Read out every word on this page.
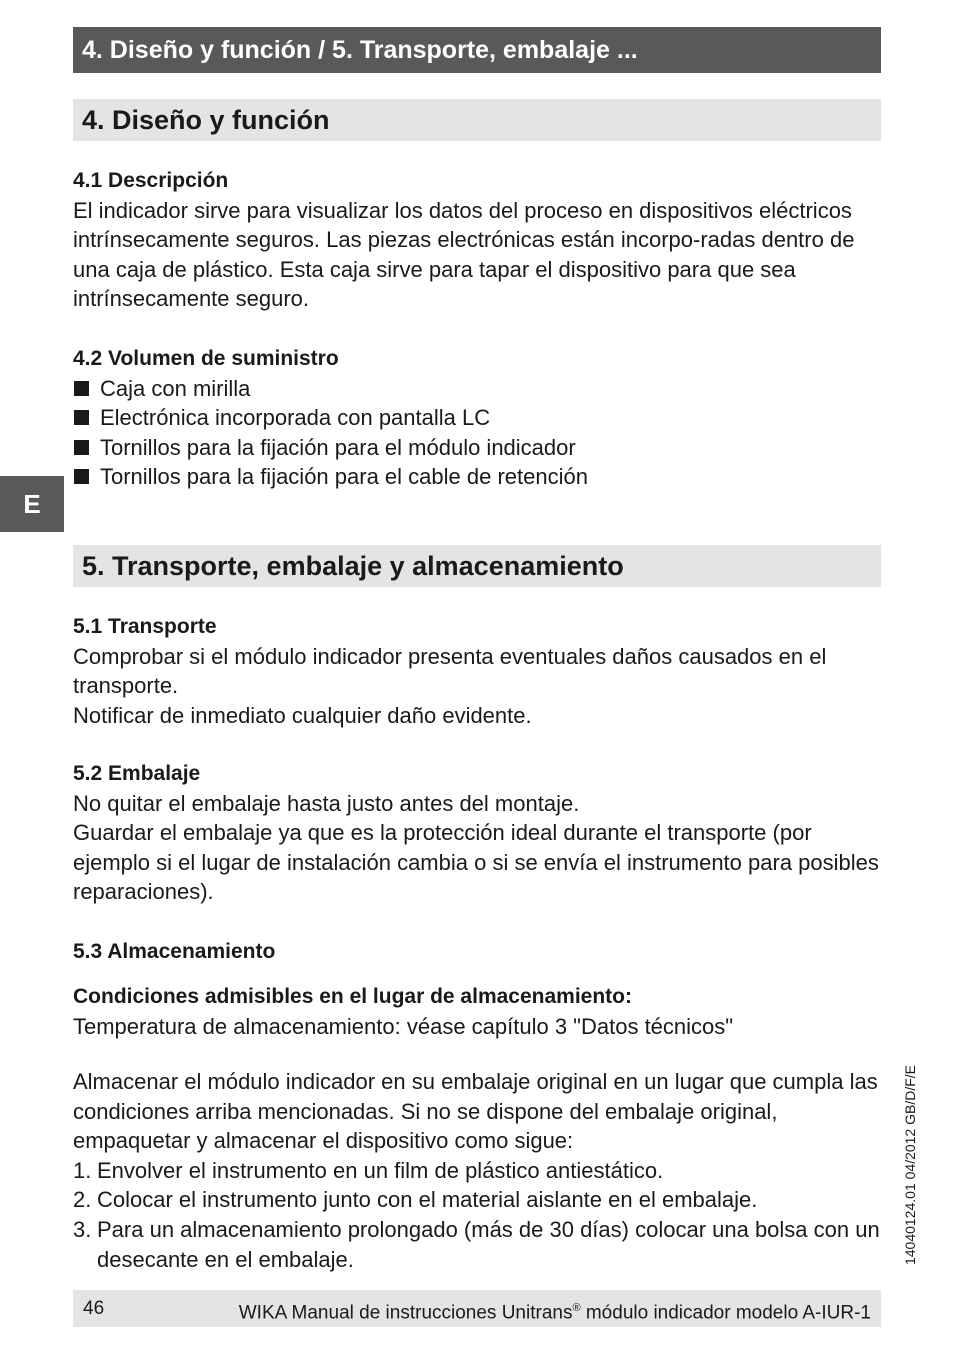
4. Diseño y función / 5. Transporte, embalaje ...
4. Diseño y función

4.1 Descripción

El indicador sirve para visualizar los datos del proceso en dispositivos eléctricos intrínsecamente seguros. Las piezas electrónicas están incorpo-radas dentro de una caja de plástico. Esta caja sirve para tapar el dispositivo para que sea intrínsecamente seguro.

4.2 Volumen de suministro

Caja con mirilla
Electrónica incorporada con pantalla LC
Tornillos para la fijación para el módulo indicador
Tornillos para la fijación para el cable de retención
E
5. Transporte, embalaje y almacenamiento

5.1 Transporte

Comprobar si el módulo indicador presenta eventuales daños causados en el transporte.

Notificar de inmediato cualquier daño evidente.

5.2 Embalaje

No quitar el embalaje hasta justo antes del montaje.

Guardar el embalaje ya que es la protección ideal durante el transporte (por ejemplo si el lugar de instalación cambia o si se envía el instrumento para posibles reparaciones).

5.3 Almacenamiento

Condiciones admisibles en el lugar de almacenamiento:

Temperatura de almacenamiento: véase capítulo 3 "Datos técnicos"

Almacenar el módulo indicador en su embalaje original en un lugar que cumpla las condiciones arriba mencionadas. Si no se dispone del embalaje original, empaquetar y almacenar el dispositivo como sigue:

1. Envolver el instrumento en un film de plástico antiestático.
2. Colocar el instrumento junto con el material aislante en el embalaje.
3. Para un almacenamiento prolongado (más de 30 días) colocar una bolsa con un desecante en el embalaje.	14040124.01 04/2012 GB/D/F/E
46	WIKA Manual de instrucciones Unitrans® módulo indicador modelo A-IUR-1
